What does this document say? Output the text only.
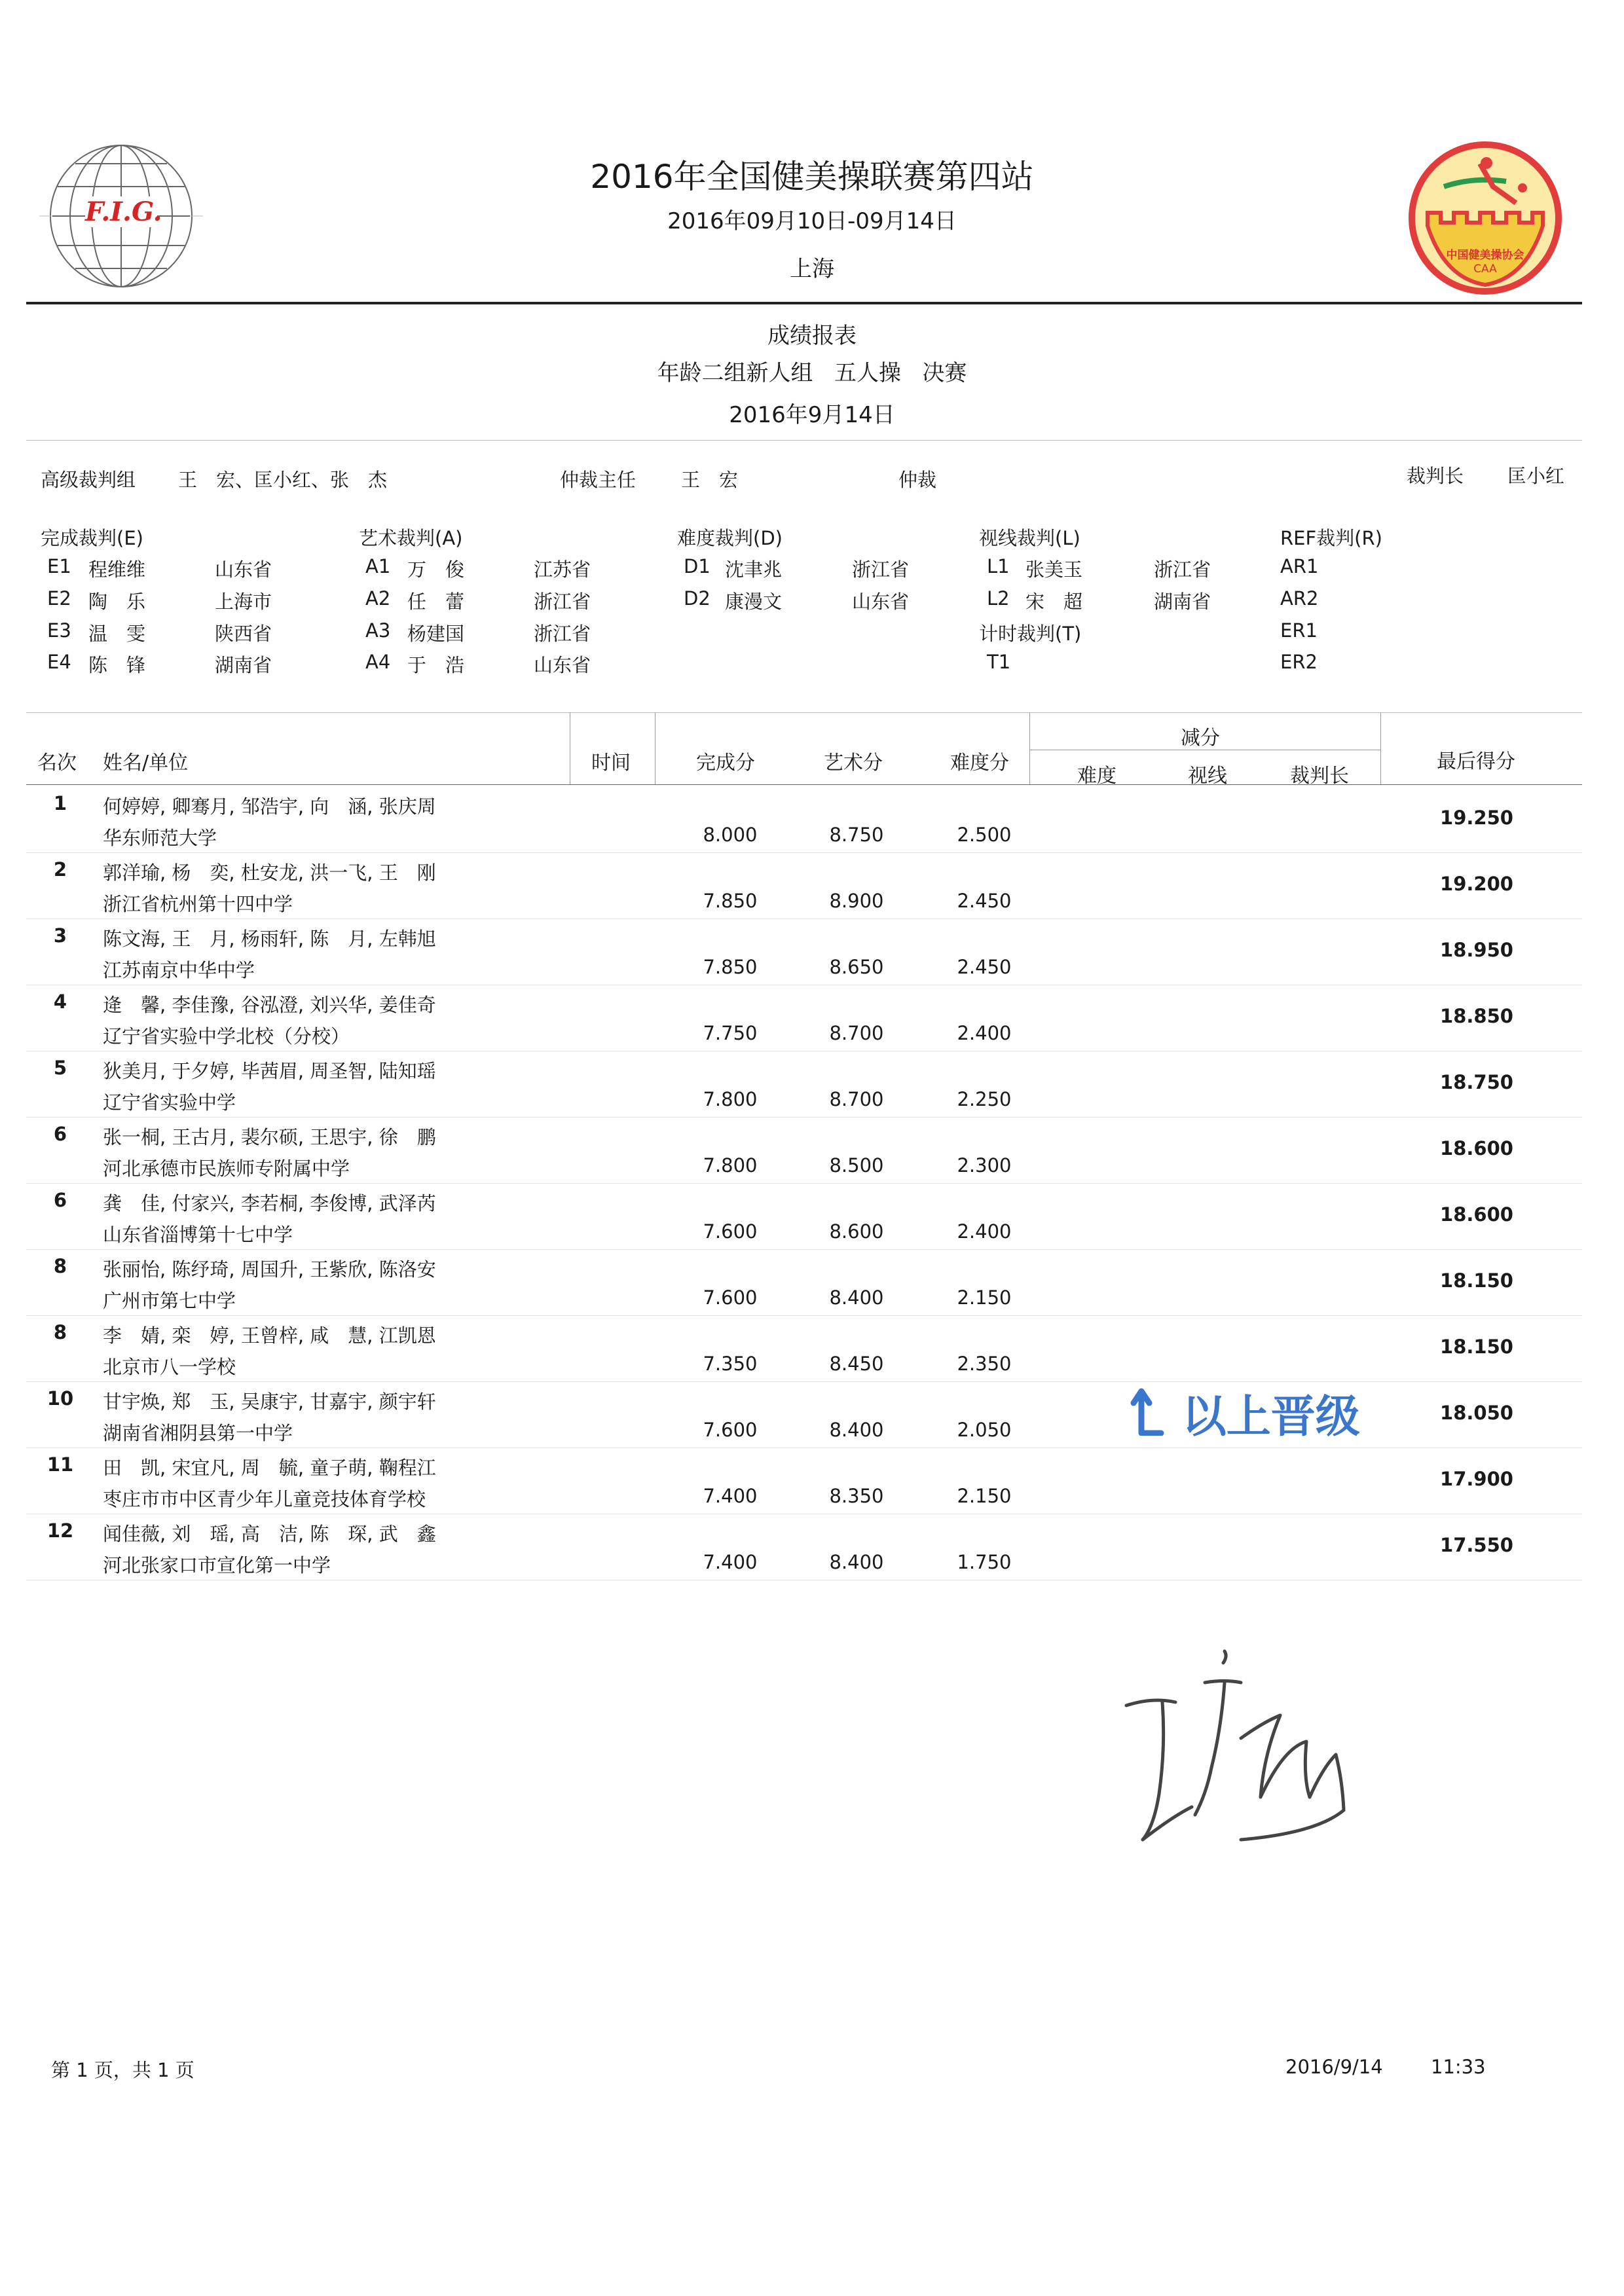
F.I.G.
2016年全国健美操联赛第四站
2016年09月10日-09月14日
上海
中国健美操协会
CAA
成绩报表
年龄二组新人组   五人操   决赛
2016年9月14日
高级裁判组 王　宏、匡小红、张　杰	仲裁主任 王　宏	仲裁	裁判长 匡小红
完成裁判(E)
E1 程维维	山东省
E2 陶　乐	上海市
E3 温　雯	陕西省
E4 陈　锋	湖南省
艺术裁判(A)
A1 万　俊	江苏省
A2 任　蕾	浙江省
A3 杨建国	浙江省
A4 于　浩	山东省
难度裁判(D)
D1 沈聿兆	浙江省
D2 康漫文	山东省
视线裁判(L)
L1 张美玉	浙江省
L2 宋　超	湖南省
计时裁判(T)
T1
REF裁判(R)
AR1
AR2
ER1
ER2
名次 姓名/单位	时间	完成分	艺术分	难度分
减分
难度	视线	裁判长
最后得分
1	何婷婷, 卿骞月, 邹浩宇, 向　涵, 张庆周
华东师范大学	8.000	8.750	2.500
19.250
2	郭洋瑜, 杨　奕, 杜安龙, 洪一飞, 王　刚
浙江省杭州第十四中学	7.850	8.900	2.450
19.200
3	陈文海, 王　月, 杨雨轩, 陈　月, 左韩旭
江苏南京中华中学	7.850	8.650	2.450
18.950
4	逄　馨, 李佳豫, 谷泓澄, 刘兴华, 姜佳奇
辽宁省实验中学北校（分校）	7.750	8.700	2.400
18.850
5	狄美月, 于夕婷, 毕茜眉, 周圣智, 陆知瑶
辽宁省实验中学	7.800	8.700	2.250
18.750
6	张一桐, 王古月, 裴尔硕, 王思宇, 徐　鹏
河北承德市民族师专附属中学	7.800	8.500	2.300
18.600
6	龚　佳, 付家兴, 李若桐, 李俊博, 武泽芮
山东省淄博第十七中学	7.600	8.600	2.400
18.600
8	张丽怡, 陈纾琦, 周国升, 王紫欣, 陈洛安
广州市第七中学	7.600	8.400	2.150
18.150
8	李　婧, 栾　婷, 王曾梓, 咸　慧, 江凯恩
北京市八一学校	7.350	8.450	2.350
18.150
10	甘宇焕, 郑　玉, 吴康宇, 甘嘉宇, 颜宇轩
湖南省湘阴县第一中学	7.600	8.400	2.050
18.050
11	田　凯, 宋宜凡, 周　毓, 童子萌, 鞠程江
枣庄市市中区青少年儿童竞技体育学校	7.400	8.350	2.150
17.900
12	闻佳薇, 刘　瑶, 高　洁, 陈　琛, 武　鑫
河北张家口市宣化第一中学	7.400	8.400	1.750
17.550
以上晋级
第 1 页，共 1 页	2016/9/14	11:33
